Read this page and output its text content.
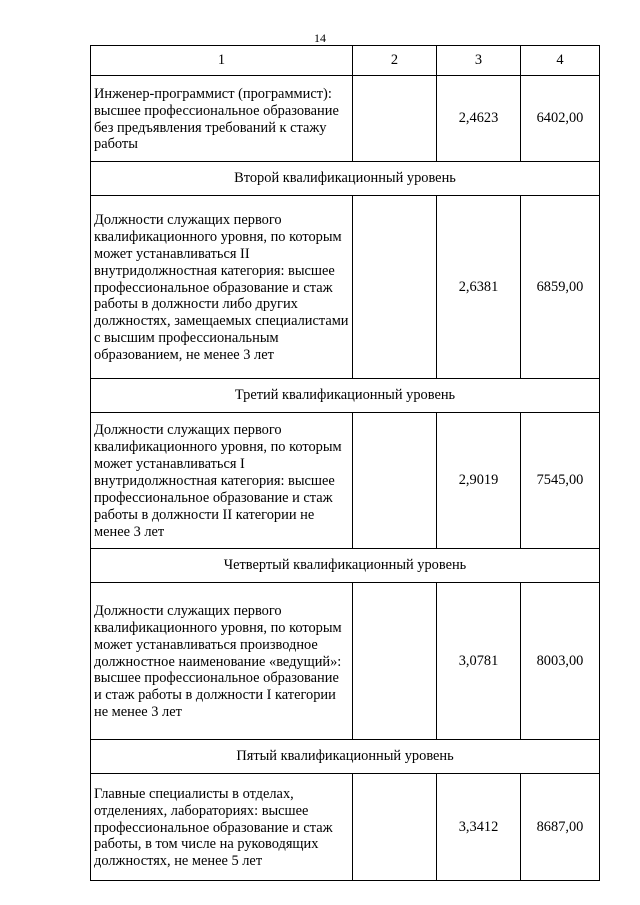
14
1	2	3	4
Инженер-программист (программист): высшее профессиональное образование без предъявления требований к стажу работы		2,4623	6402,00
Второй квалификационный уровень			
Должности служащих первого квалификационного уровня, по которым может устанавливаться II внутридолжностная категория: высшее профессиональное образование и стаж работы в должности либо других должностях, замещаемых специалистами с высшим профессиональным образованием, не менее 3 лет		2,6381	6859,00
Третий квалификационный уровень			
Должности служащих первого квалификационного уровня, по которым может устанавливаться I внутридолжностная категория: высшее профессиональное образование и стаж работы в должности II категории не менее 3 лет		2,9019	7545,00
Четвертый квалификационный уровень			
Должности служащих первого квалификационного уровня, по которым может устанавливаться производное должностное наименование «ведущий»: высшее профессиональное образование и стаж работы в должности I категории не менее 3 лет		3,0781	8003,00
Пятый квалификационный уровень			
Главные специалисты в отделах, отделениях, лабораториях: высшее профессиональное образование и стаж работы, в том числе на руководящих должностях, не менее 5 лет		3,3412	8687,00
